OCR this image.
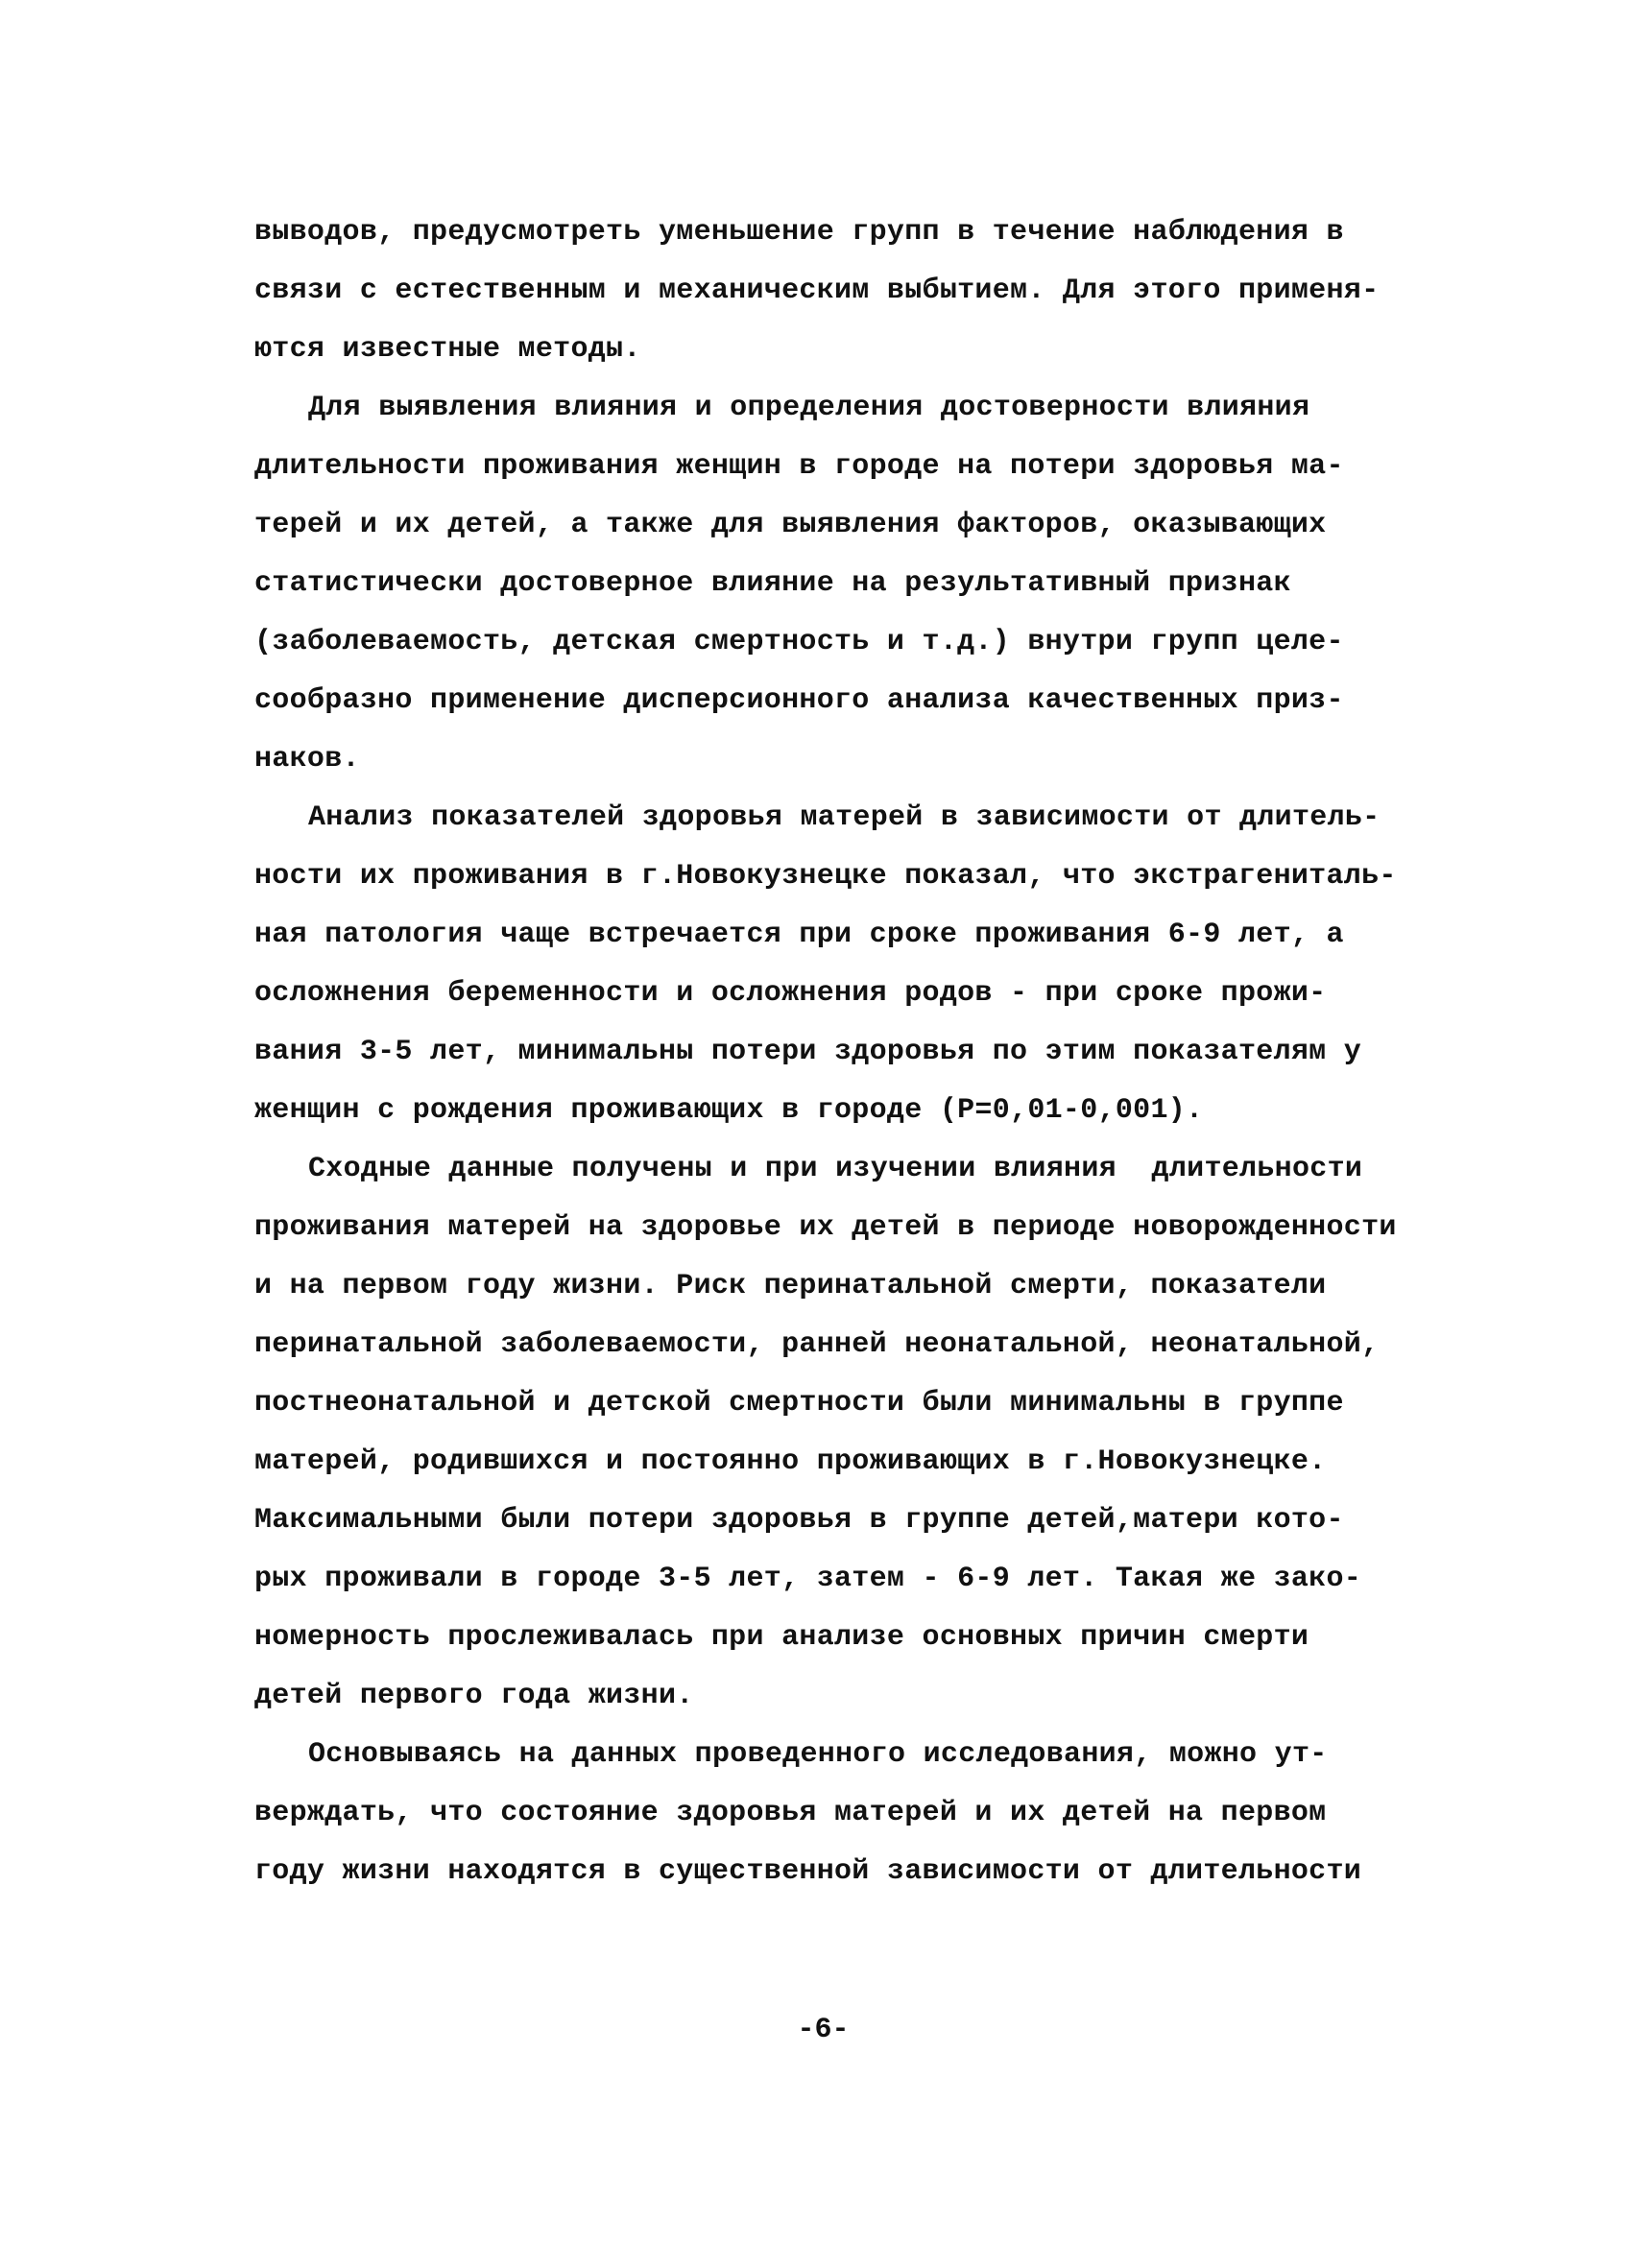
выводов, предусмотреть уменьшение групп в течение наблюдения в
связи с естественным и механическим выбытием. Для этого применя-
ются известные методы.
Для выявления влияния и определения достоверности влияния
длительности проживания женщин в городе на потери здоровья ма-
терей и их детей, а также для выявления факторов, оказывающих
статистически достоверное влияние на результативный признак
(заболеваемость, детская смертность и т.д.) внутри групп целе-
сообразно применение дисперсионного анализа качественных приз-
наков.
Анализ показателей здоровья матерей в зависимости от длитель-
ности их проживания в г.Новокузнецке показал, что экстрагениталь-
ная патология чаще встречается при сроке проживания 6-9 лет, а
осложнения беременности и осложнения родов - при сроке прожи-
вания 3-5 лет, минимальны потери здоровья по этим показателям у
женщин с рождения проживающих в городе (Р=0,01-0,001).
Сходные данные получены и при изучении влияния  длительности
проживания матерей на здоровье их детей в периоде новорожденности
и на первом году жизни. Риск перинатальной смерти, показатели
перинатальной заболеваемости, ранней неонатальной, неонатальной,
постнеонатальной и детской смертности были минимальны в группе
матерей, родившихся и постоянно проживающих в г.Новокузнецке.
Максимальными были потери здоровья в группе детей,матери кото-
рых проживали в городе 3-5 лет, затем - 6-9 лет. Такая же зако-
номерность прослеживалась при анализе основных причин смерти
детей первого года жизни.
Основываясь на данных проведенного исследования, можно ут-
верждать, что состояние здоровья матерей и их детей на первом
году жизни находятся в существенной зависимости от длительности
-6-
